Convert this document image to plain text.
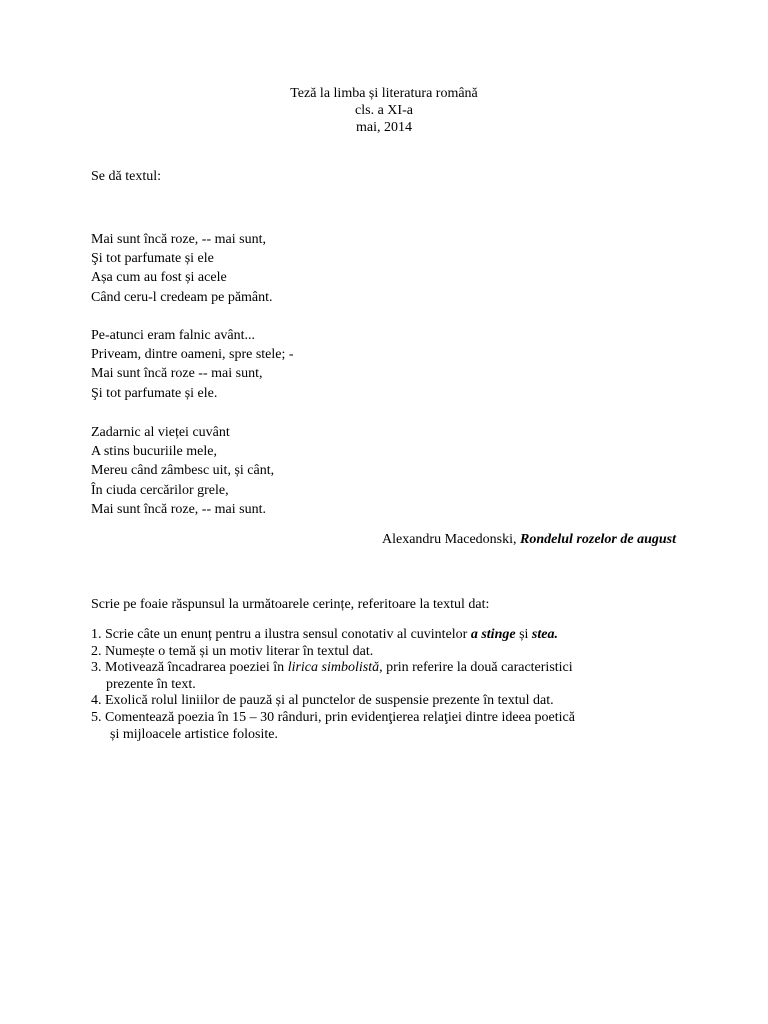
Teză la limba și literatura română
cls. a XI-a
mai, 2014
Se dă textul:
Mai sunt încă roze, -- mai sunt,
Şi tot parfumate și ele
Așa cum au fost și acele
Când ceru-l credeam pe pământ.
Pe-atunci eram falnic avânt...
Priveam, dintre oameni, spre stele; -
Mai sunt încă roze -- mai sunt,
Şi tot parfumate și ele.
Zadarnic al vieței cuvânt
A stins bucuriile mele,
Mereu când zâmbesc uit, și cânt,
În ciuda cercărilor grele,
Mai sunt încă roze, -- mai sunt.
Alexandru Macedonski, Rondelul rozelor de august
Scrie pe foaie răspunsul la următoarele cerințe, referitoare la textul dat:
1. Scrie câte un enunț pentru a ilustra sensul conotativ al cuvintelor a stinge și stea.
2. Numește o temă și un motiv literar în textul dat.
3. Motivează încadrarea poeziei în lirica simbolistă, prin referire la două caracteristici
prezente în text.
4. Exolică rolul liniilor de pauză și al punctelor de suspensie prezente în textul dat.
5. Comentează poezia în 15 – 30 rânduri, prin evidenţierea relaţiei dintre ideea poetică
și mijloacele artistice folosite.
